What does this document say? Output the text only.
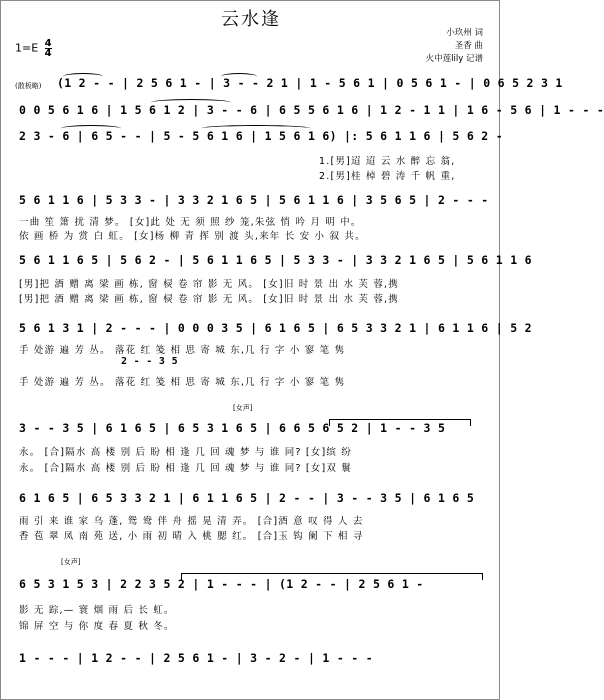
云水逢
$1=E \frac{4}{4}$
小玖州 词
圣香 曲
火中莲lily 记谱
(散板略) (1 2 - - | 2 5 6 1 - | 3 - - 2 1 | 1 - 5 6 1 | 0 5 6 1 - | 0 6 5 2 3 1
0 0 5 6 1 6 | 1 5 6 1 2 | 3 - - 6 | 6 5 5 6 1 6 | 1 2 - 1 1 | 1 6 - 5 6 | 1 - - -
2 3 - 6 | 6 5 - - | 5 - 5 6 1 6 | 1 5 6 1 6) |: 5 6 1 1 6 | 5 6 2 -
1.[男]迢 迢 云 水 醉 忘 翁,
2.[男]桂 棹 碧 涛 千 帆 重,
5 6 1 1 6 | 5 3 3 - | 3 3 2 1 6 5 | 5 6 1 1 6 | 3 5 6 5 | 2 - - -
一曲 笙 箫 扰 清 梦。 [女]此 处 无 须 照 纱 笼,朱弦 悄 吟 月 明 中。
依 画 桥 为 赏 白 虹。 [女]杨 柳 青 挥 别 渡 头,来年 长 安 小 叙 共。
5 6 1 1 6 5 | 5 6 2 - | 5 6 1 1 6 5 | 5 3 3 - | 3 3 2 1 6 5 | 5 6 1 1 6
[男]把 酒 赠 离 梁 画 栋, 窗 棂 卷 帘 影 无 风。 [女]旧 时 景 出 水 芙 蓉,携
[男]把 酒 赠 离 梁 画 栋, 窗 棂 卷 帘 影 无 风。 [女]旧 时 景 出 水 芙 蓉,携
5 6 1 3 1 | 2 - - - | 0 0 0 3 5 | 6 1 6 5 | 6 5 3 3 2 1 | 6 1 1 6 | 5 2
手 处游 遍 芳 丛。 落花 红 笺 相 思 寄 城 东,几 行 字 小 寥 笔 隽
2 - - 3 5
手 处游 遍 芳 丛。 落花 红 笺 相 思 寄 城 东,几 行 字 小 寥 笔 隽
[女声]
3 - - 3 5 | 6 1 6 5 | 6 5 3 1 6 5 | 6 6 5 6 5 2 | 1 - - 3 5
永。 [合]隔水 高 楼 别 后 盼 相 逢 几 回 魂 梦 与 谁 同? [女]缤 纷
永。 [合]隔水 高 楼 别 后 盼 相 逢 几 回 魂 梦 与 谁 同? [女]双 鬟
6 1 6 5 | 6 5 3 3 2 1 | 6 1 1 6 5 | 2 - - | 3 - - 3 5 | 6 1 6 5
雨 引 来 谁 家 乌 蓬, 鸳 鸯 伴 舟 摇 晃 清 弄。 [合]酒 意 叹 得 人 去
香 苞 翠 凤 南 苑 送, 小 雨 初 晴 入 桃 腮 红。 [合]玉 钩 阑 下 相 寻
[女声]
6 5 3 1 5 3 | 2 2 3 5 2 | 1 - - - | (1 2 - - | 2 5 6 1 -
影 无 踪,— 寰 烟 雨 后 长 虹。
锦 屏 空 与 你 度 春 夏 秋 冬。
1 - - - | 1 2 - - | 2 5 6 1 - | 3 - 2 - | 1 - - -
